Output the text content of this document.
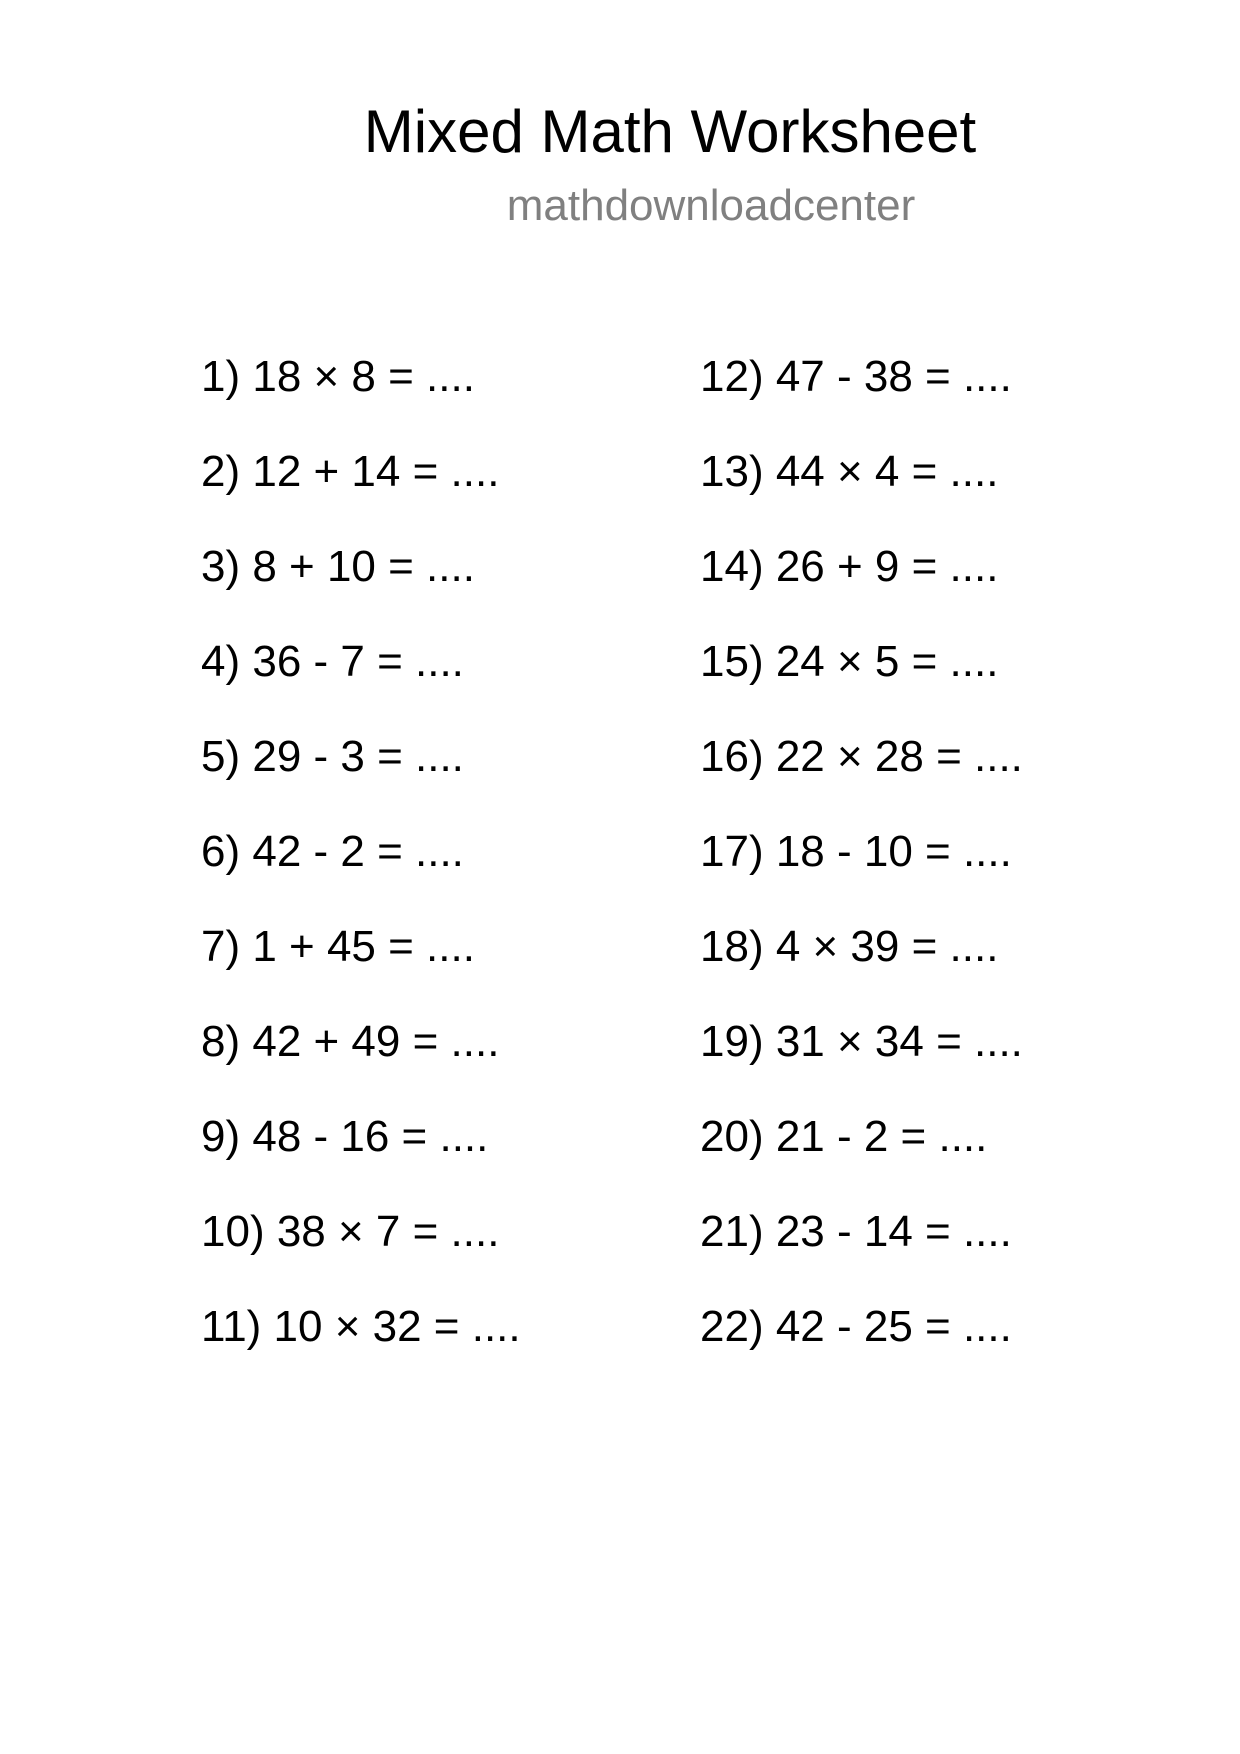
Mixed Math Worksheet
mathdownloadcenter
1) 18 × 8 = ....
2) 12 + 14 = ....
3) 8 + 10 = ....
4) 36 - 7 = ....
5) 29 - 3 = ....
6) 42 - 2 = ....
7) 1 + 45 = ....
8) 42 + 49 = ....
9) 48 - 16 = ....
10) 38 × 7 = ....
11) 10 × 32 = ....
12) 47 - 38 = ....
13) 44 × 4 = ....
14) 26 + 9 = ....
15) 24 × 5 = ....
16) 22 × 28 = ....
17) 18 - 10 = ....
18) 4 × 39 = ....
19) 31 × 34 = ....
20) 21 - 2 = ....
21) 23 - 14 = ....
22) 42 - 25 = ....
